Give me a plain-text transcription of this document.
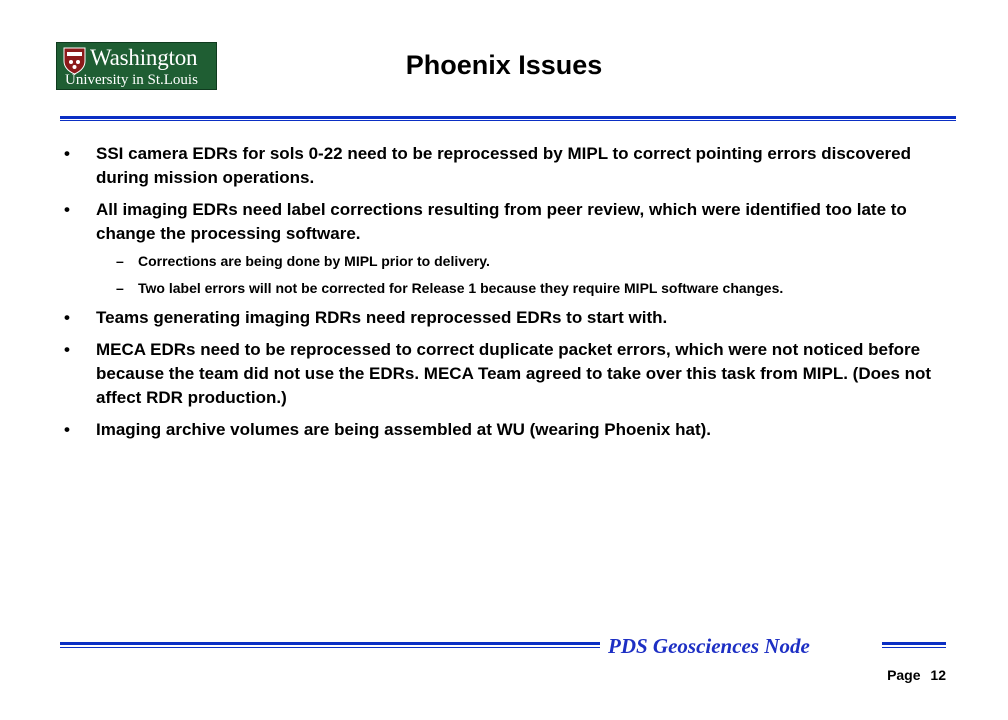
Washington
University in St.Louis	Phoenix Issues
•	SSI camera EDRs for sols 0-22 need to be reprocessed by MIPL to correct pointing errors discovered during mission operations.
•	All imaging EDRs need label corrections resulting from peer review, which were identified too late to change the processing software.
– Corrections are being done by MIPL prior to delivery.
– Two label errors will not be corrected for Release 1 because they require MIPL software changes.
•	Teams generating imaging RDRs need reprocessed EDRs to start with.
•	MECA EDRs need to be reprocessed to correct duplicate packet errors, which were not noticed before because the team did not use the EDRs. MECA Team agreed to take over this task from MIPL. (Does not affect RDR production.)
•	Imaging archive volumes are being assembled at WU (wearing Phoenix hat).
PDS Geosciences Node
Page 12
